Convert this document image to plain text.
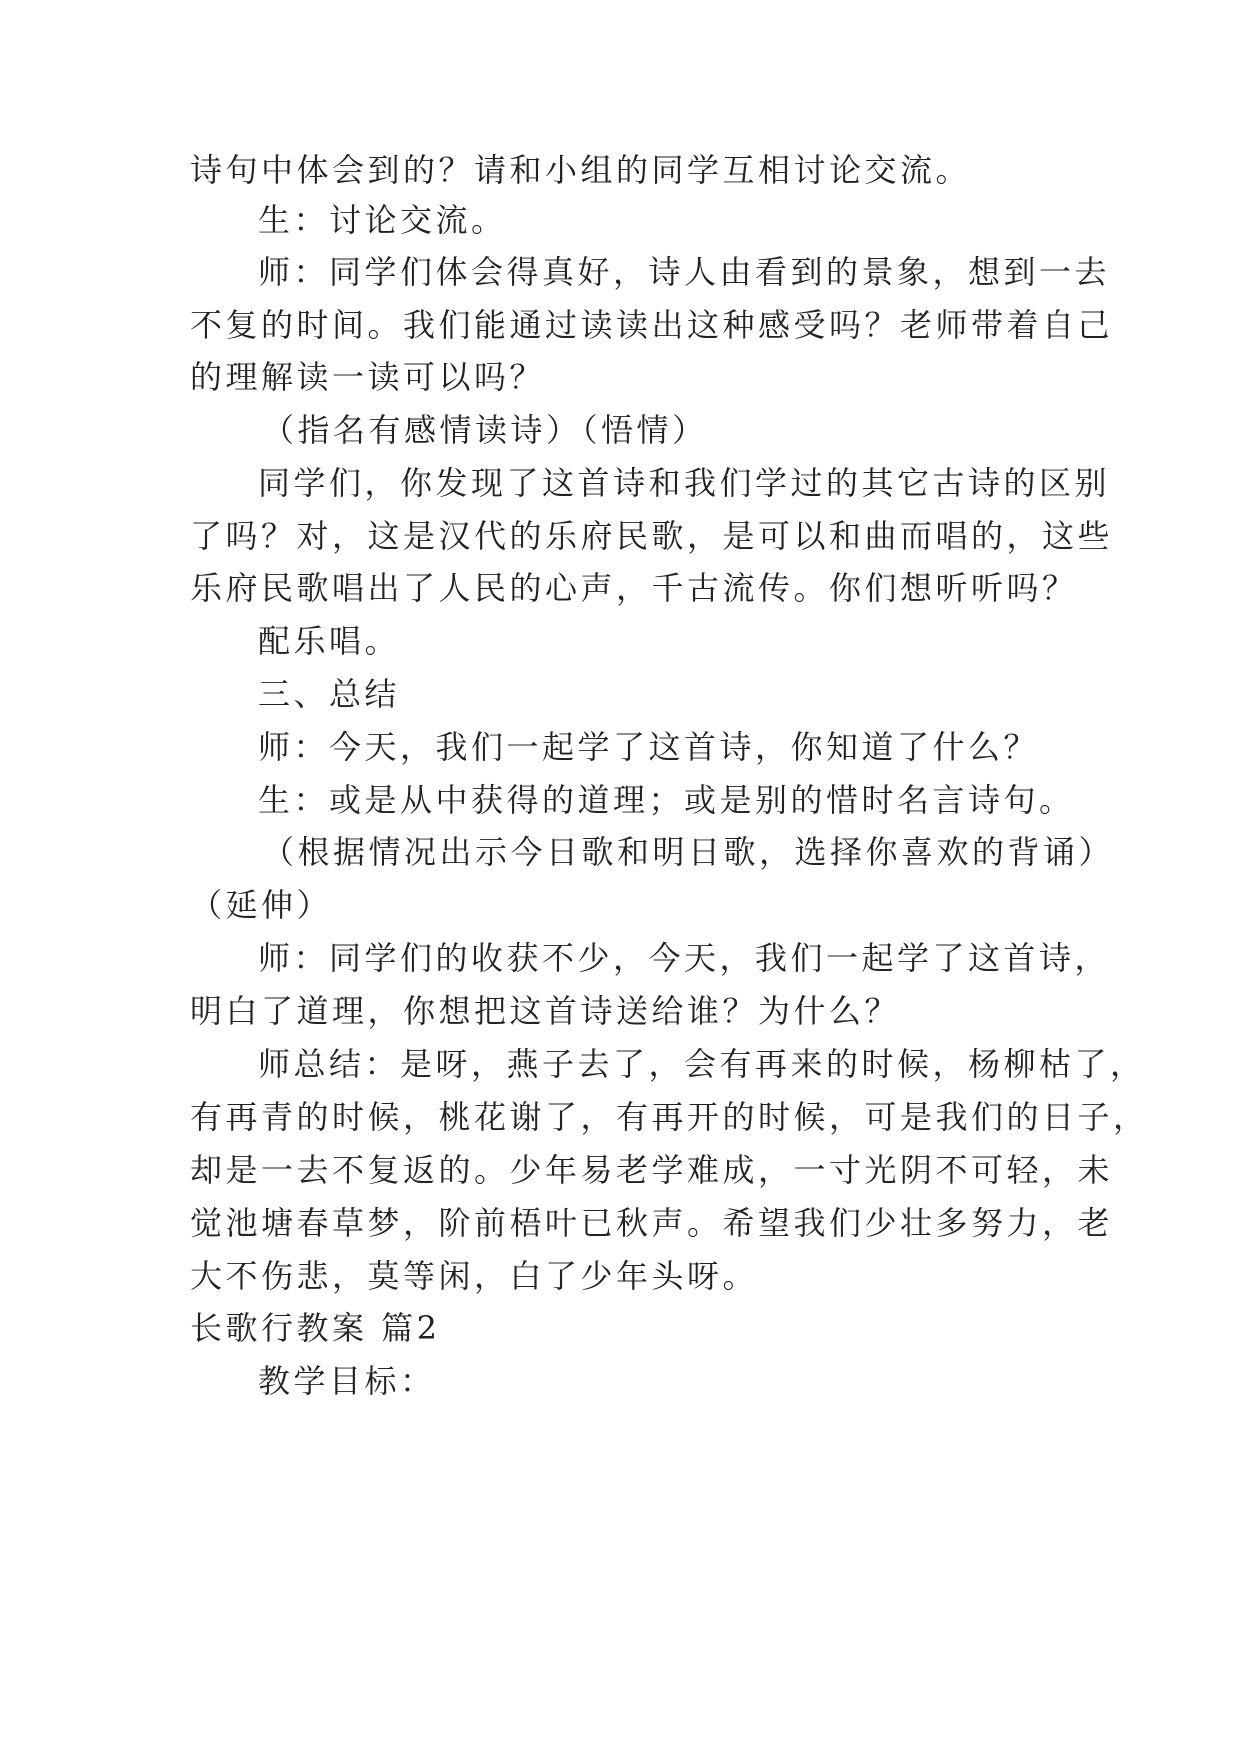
诗句中体会到的？请和小组的同学互相讨论交流。
生：讨论交流。
师：同学们体会得真好，诗人由看到的景象，想到一去
不复的时间。我们能通过读读出这种感受吗？老师带着自己
的理解读一读可以吗？
（指名有感情读诗）（悟情）
同学们，你发现了这首诗和我们学过的其它古诗的区别
了吗？对，这是汉代的乐府民歌，是可以和曲而唱的，这些
乐府民歌唱出了人民的心声，千古流传。你们想听听吗？
配乐唱。
三、总结
师：今天，我们一起学了这首诗，你知道了什么？
生：或是从中获得的道理；或是别的惜时名言诗句。
（根据情况出示今日歌和明日歌，选择你喜欢的背诵）
（延伸）
师：同学们的收获不少，今天，我们一起学了这首诗，
明白了道理，你想把这首诗送给谁？为什么？
师总结：是呀，燕子去了，会有再来的时候，杨柳枯了，
有再青的时候，桃花谢了，有再开的时候，可是我们的日子，
却是一去不复返的。少年易老学难成，一寸光阴不可轻，未
觉池塘春草梦，阶前梧叶已秋声。希望我们少壮多努力，老
大不伤悲，莫等闲，白了少年头呀。
长歌行教案 篇2
教学目标：
